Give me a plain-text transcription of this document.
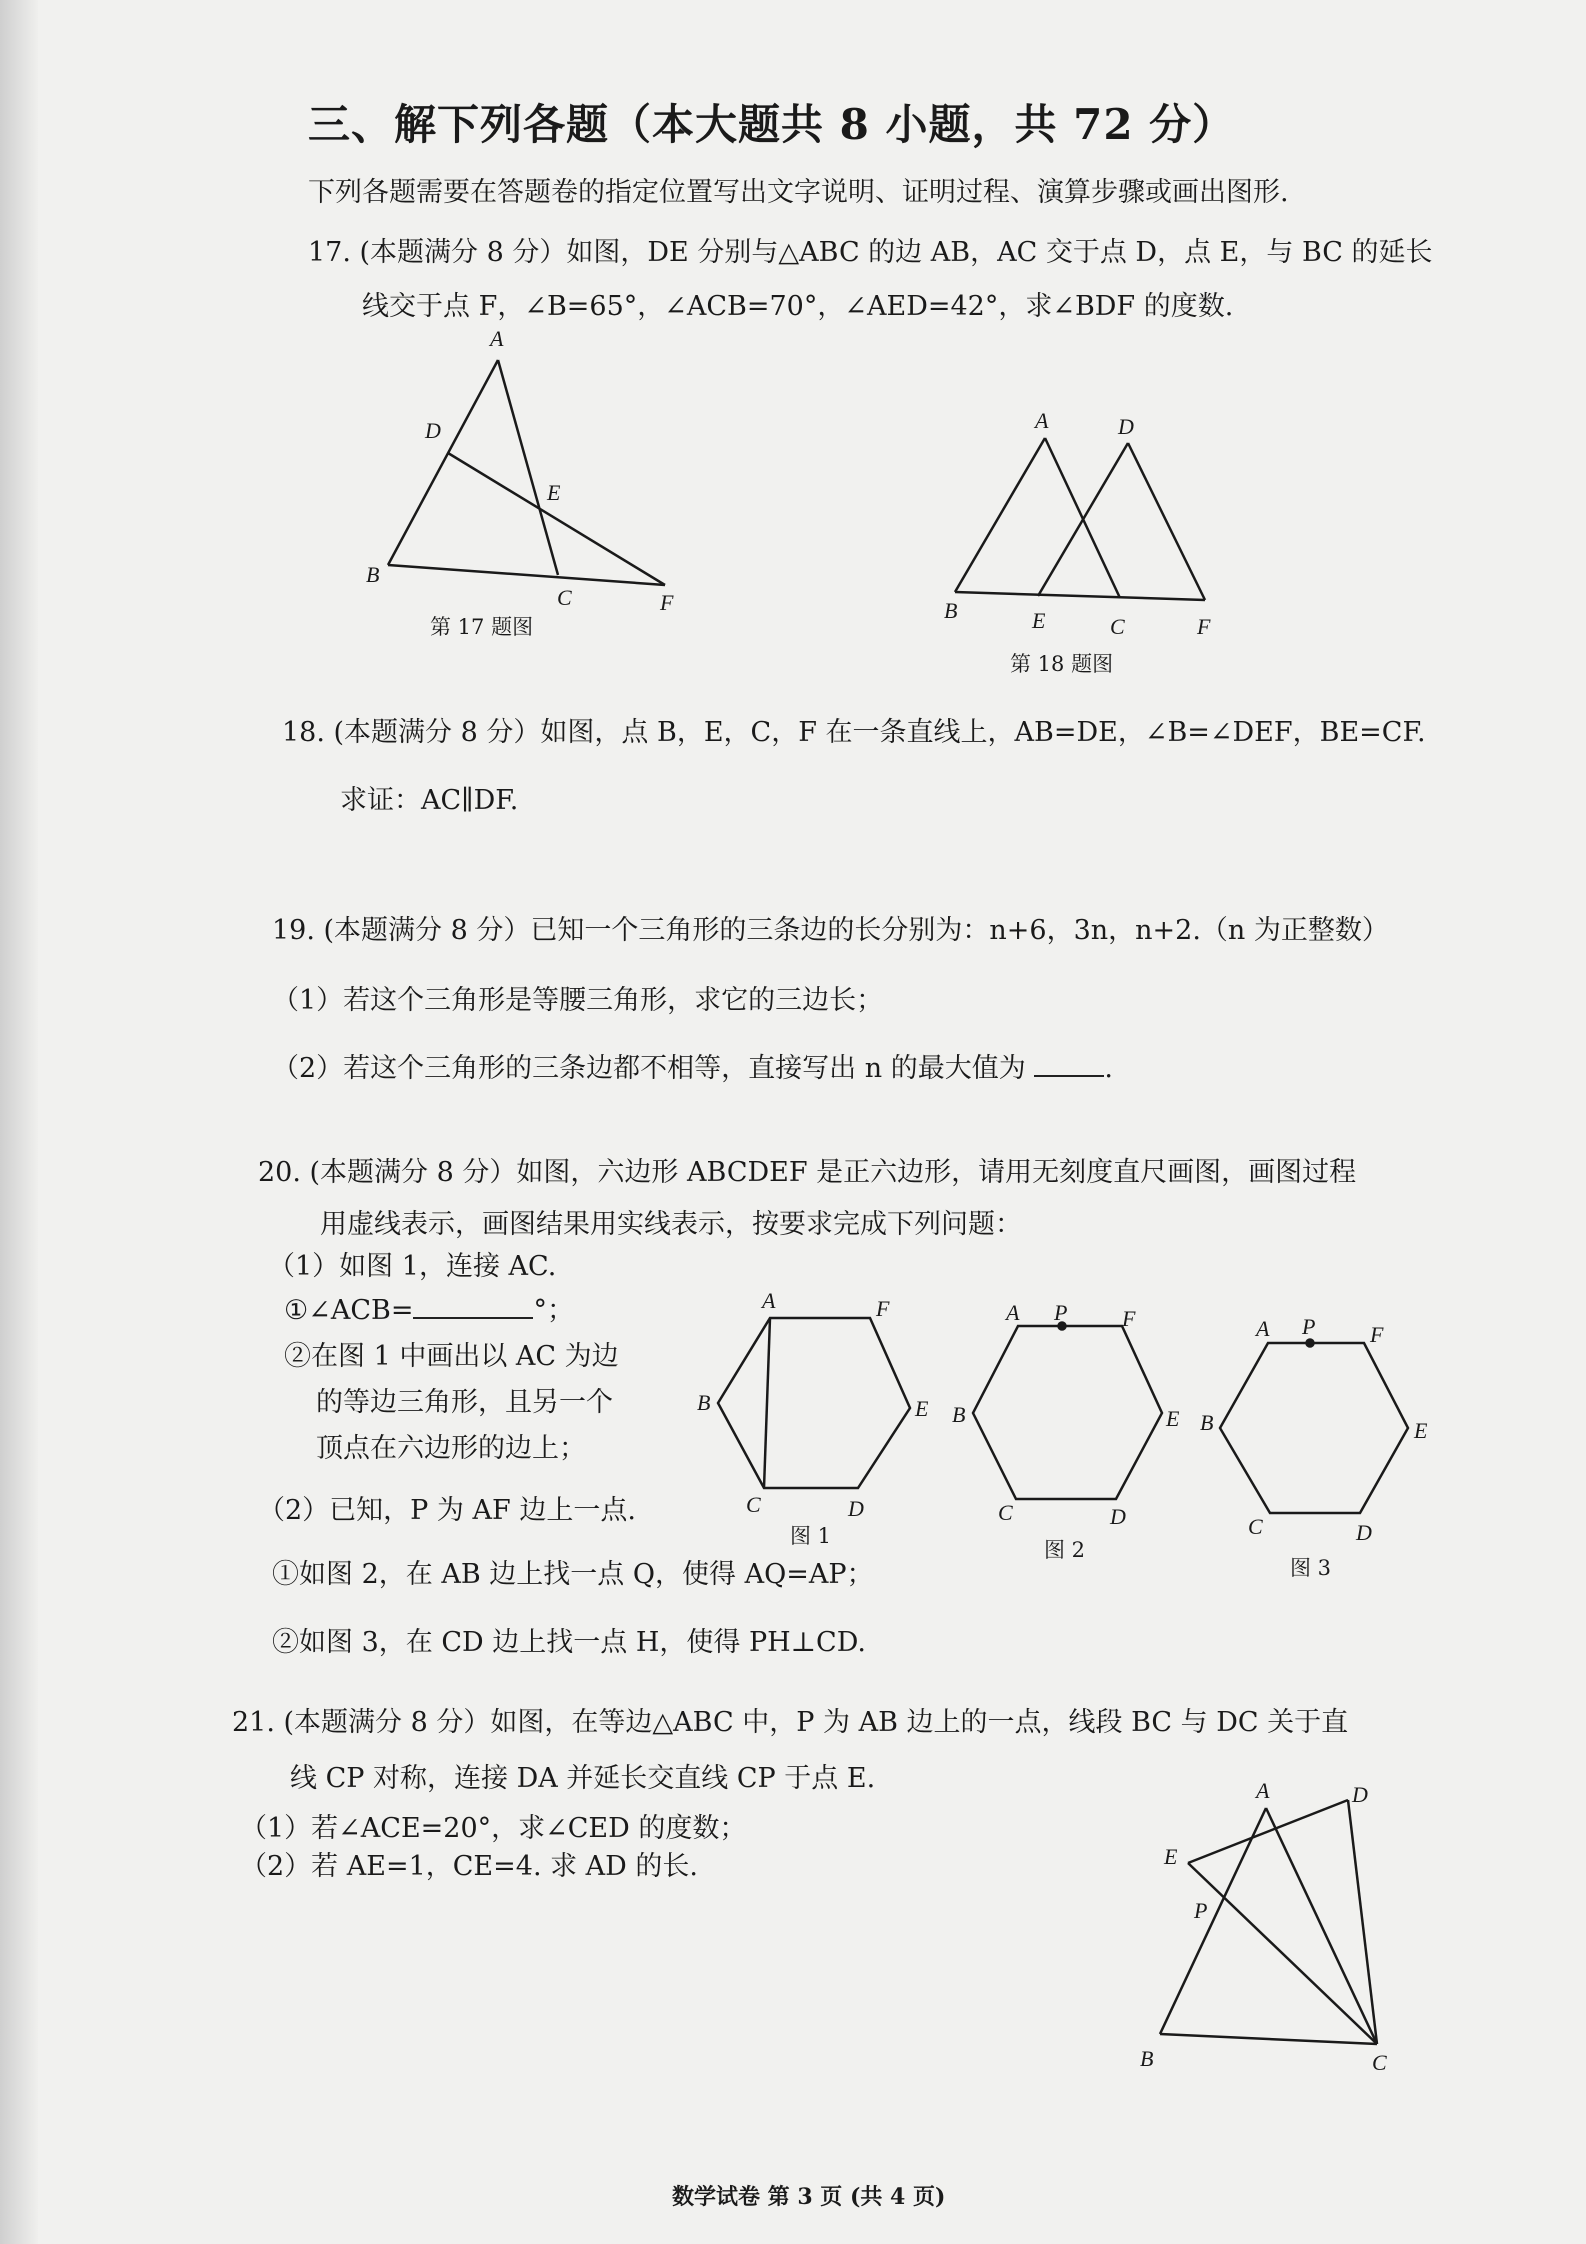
三、解下列各题（本大题共 8 小题，共 72 分）
下列各题需要在答题卷的指定位置写出文字说明、证明过程、演算步骤或画出图形.
17. (本题满分 8 分）如图，DE 分别与△ABC 的边 AB，AC 交于点 D，点 E，与 BC 的延长
线交于点 F，∠B=65°，∠ACB=70°，∠AED=42°，求∠BDF 的度数.
A
D
E
B
C	F
第 17 题图
A	D
B	E	C	F
第 18 题图
18. (本题满分 8 分）如图，点 B，E，C，F 在一条直线上，AB=DE，∠B=∠DEF，BE=CF.
求证：AC∥DF.
19. (本题满分 8 分）已知一个三角形的三条边的长分别为：n+6，3n，n+2.（n 为正整数）
（1）若这个三角形是等腰三角形，求它的三边长；
（2）若这个三角形的三条边都不相等，直接写出 n 的最大值为	.
20. (本题满分 8 分）如图，六边形 ABCDEF 是正六边形，请用无刻度直尺画图，画图过程
用虚线表示，画图结果用实线表示，按要求完成下列问题：
（1）如图 1，连接 AC.
①∠ACB=	°；
②在图 1 中画出以 AC 为边
的等边三角形，且另一个
顶点在六边形的边上；
（2）已知，P 为 AF 边上一点.
①如图 2，在 AB 边上找一点 Q，使得 AQ=AP；
②如图 3，在 CD 边上找一点 H，使得 PH⊥CD.
A	F
B	E
C	D
图 1
A P F
B	E
C	D
图 2
A P F
B	E
C	D
图 3
21. (本题满分 8 分）如图，在等边△ABC 中，P 为 AB 边上的一点，线段 BC 与 DC 关于直
线 CP 对称，连接 DA 并延长交直线 CP 于点 E.
（1）若∠ACE=20°，求∠CED 的度数；
（2）若 AE=1，CE=4. 求 AD 的长.
A	D
E
P
B	C
数学试卷 第 3 页 (共 4 页)
